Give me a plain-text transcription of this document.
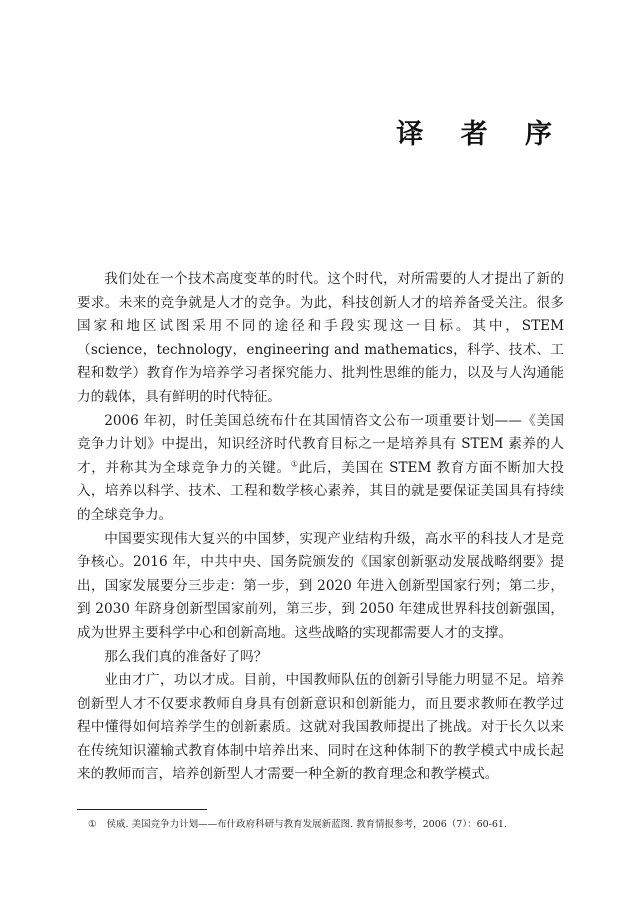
译 者 序

我们处在一个技术高度变革的时代。这个时代，对所需要的人才提出了新的要求。未来的竞争就是人才的竞争。为此，科技创新人才的培养备受关注。很多国家和地区试图采用不同的途径和手段实现这一目标。其中，STEM（science，technology，engineering and mathematics，科学、技术、工程和数学）教育作为培养学习者探究能力、批判性思维的能力，以及与人沟通能力的载体，具有鲜明的时代特征。

2006 年初，时任美国总统布什在其国情咨文公布一项重要计划——《美国竞争力计划》中提出，知识经济时代教育目标之一是培养具有 STEM 素养的人才，并称其为全球竞争力的关键。①此后，美国在 STEM 教育方面不断加大投入，培养以科学、技术、工程和数学核心素养，其目的就是要保证美国具有持续的全球竞争力。

中国要实现伟大复兴的中国梦，实现产业结构升级，高水平的科技人才是竞争核心。2016 年，中共中央、国务院颁发的《国家创新驱动发展战略纲要》提出，国家发展要分三步走：第一步，到 2020 年进入创新型国家行列；第二步，到 2030 年跻身创新型国家前列，第三步，到 2050 年建成世界科技创新强国，成为世界主要科学中心和创新高地。这些战略的实现都需要人才的支撑。

那么我们真的准备好了吗？

业由才广，功以才成。目前，中国教师队伍的创新引导能力明显不足。培养创新型人才不仅要求教师自身具有创新意识和创新能力，而且要求教师在教学过程中懂得如何培养学生的创新素质。这就对我国教师提出了挑战。对于长久以来在传统知识灌输式教育体制中培养出来、同时在这种体制下的教学模式中成长起来的教师而言，培养创新型人才需要一种全新的教育理念和教学模式。

① 侯威. 美国竞争力计划——布什政府科研与教育发展新蓝图. 教育情报参考，2006（7）：60-61.
